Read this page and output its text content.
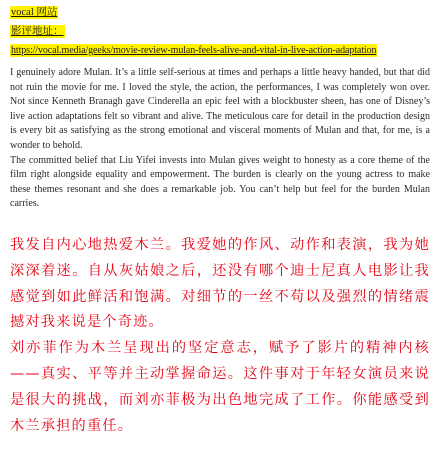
vocal 网站
影评地址：
https://vocal.media/geeks/movie-review-mulan-feels-alive-and-vital-in-live-action-adaptation

I genuinely adore Mulan. It’s a little self-serious at times and perhaps a little heavy handed, but that did not ruin the movie for me. I loved the style, the action, the performances, I was completely won over. Not since Kenneth Branagh gave Cinderella an epic feel with a blockbuster sheen, has one of Disney’s live action adaptations felt so vibrant and alive. The meticulous care for detail in the production design is every bit as satisfying as the strong emotional and visceral moments of Mulan and that, for me, is a wonder to behold.

The committed belief that Liu Yifei invests into Mulan gives weight to honesty as a core theme of the film right alongside equality and empowerment. The burden is clearly on the young actress to make these themes resonant and she does a remarkable job. You can’t help but feel for the burden Mulan carries.

我发自内心地热爱木兰。我爱她的作风、动作和表演，我为她深深着迷。自从灰姑娘之后，还没有哪个迪士尼真人电影让我感觉到如此鲜活和饱满。对细节的一丝不苟以及强烈的情绪震撼对我来说是个奇迹。

刘亦菲作为木兰呈现出的坚定意志，赋予了影片的精神内核——真实、平等并主动掌握命运。这件事对于年轻女演员来说是很大的挑战，而刘亦菲极为出色地完成了工作。你能感受到木兰承担的重任。
